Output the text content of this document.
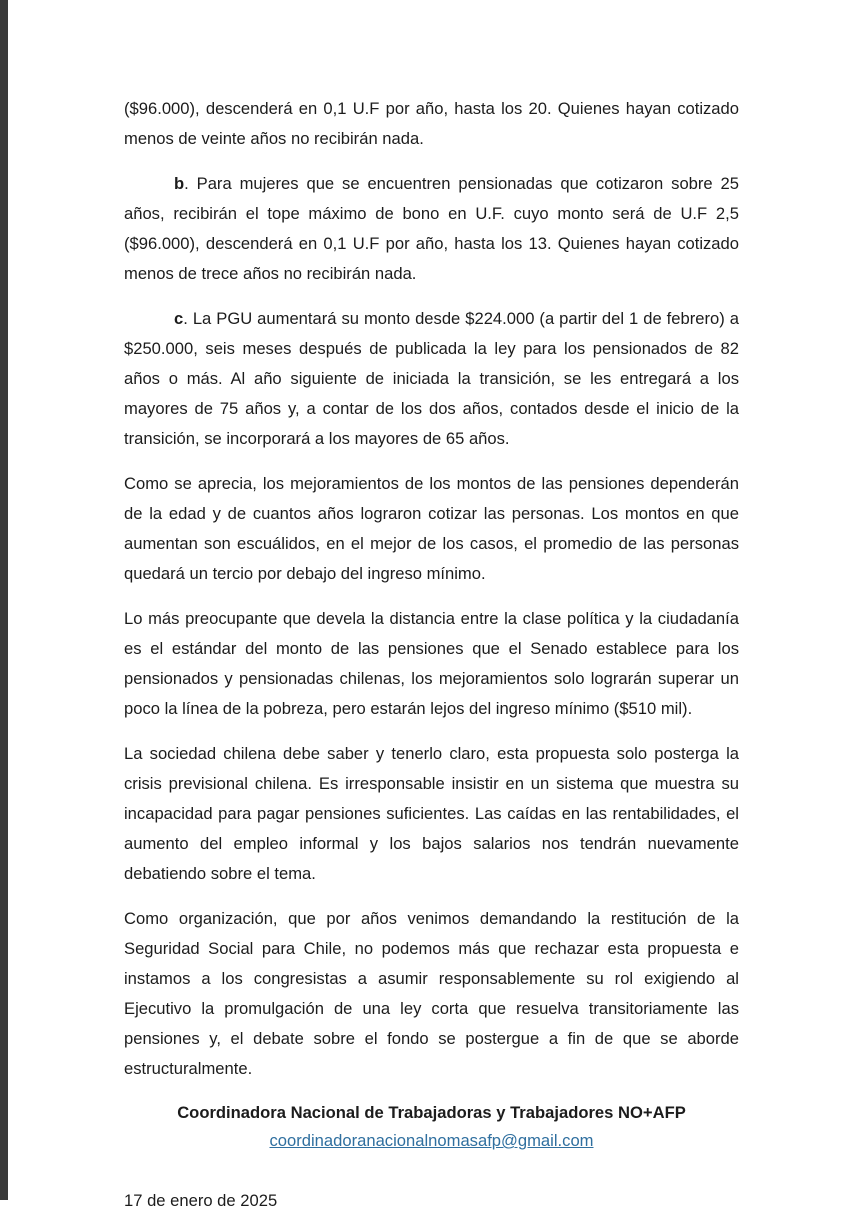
($96.000), descenderá en 0,1 U.F por año, hasta los 20. Quienes hayan cotizado menos de veinte años no recibirán nada.

b. Para mujeres que se encuentren pensionadas que cotizaron sobre 25 años, recibirán el tope máximo de bono en U.F. cuyo monto será de U.F 2,5 ($96.000), descenderá en 0,1 U.F por año, hasta los 13. Quienes hayan cotizado menos de trece años no recibirán nada.

c. La PGU aumentará su monto desde $224.000 (a partir del 1 de febrero) a $250.000, seis meses después de publicada la ley para los pensionados de 82 años o más. Al año siguiente de iniciada la transición, se les entregará a los mayores de 75 años y, a contar de los dos años, contados desde el inicio de la transición, se incorporará a los mayores de 65 años.

Como se aprecia, los mejoramientos de los montos de las pensiones dependerán de la edad y de cuantos años lograron cotizar las personas. Los montos en que aumentan son escuálidos, en el mejor de los casos, el promedio de las personas quedará un tercio por debajo del ingreso mínimo.

Lo más preocupante que devela la distancia entre la clase política y la ciudadanía es el estándar del monto de las pensiones que el Senado establece para los pensionados y pensionadas chilenas, los mejoramientos solo lograrán superar un poco la línea de la pobreza, pero estarán lejos del ingreso mínimo ($510 mil).

La sociedad chilena debe saber y tenerlo claro, esta propuesta solo posterga la crisis previsional chilena. Es irresponsable insistir en un sistema que muestra su incapacidad para pagar pensiones suficientes. Las caídas en las rentabilidades, el aumento del empleo informal y los bajos salarios nos tendrán nuevamente debatiendo sobre el tema.

Como organización, que por años venimos demandando la restitución de la Seguridad Social para Chile, no podemos más que rechazar esta propuesta e instamos a los congresistas a asumir responsablemente su rol exigiendo al Ejecutivo la promulgación de una ley corta que resuelva transitoriamente las pensiones y, el debate sobre el fondo se postergue a fin de que se aborde estructuralmente.

Coordinadora Nacional de Trabajadoras y Trabajadores NO+AFP
coordinadoranacionalnomasafp@gmail.com
17 de enero de 2025
